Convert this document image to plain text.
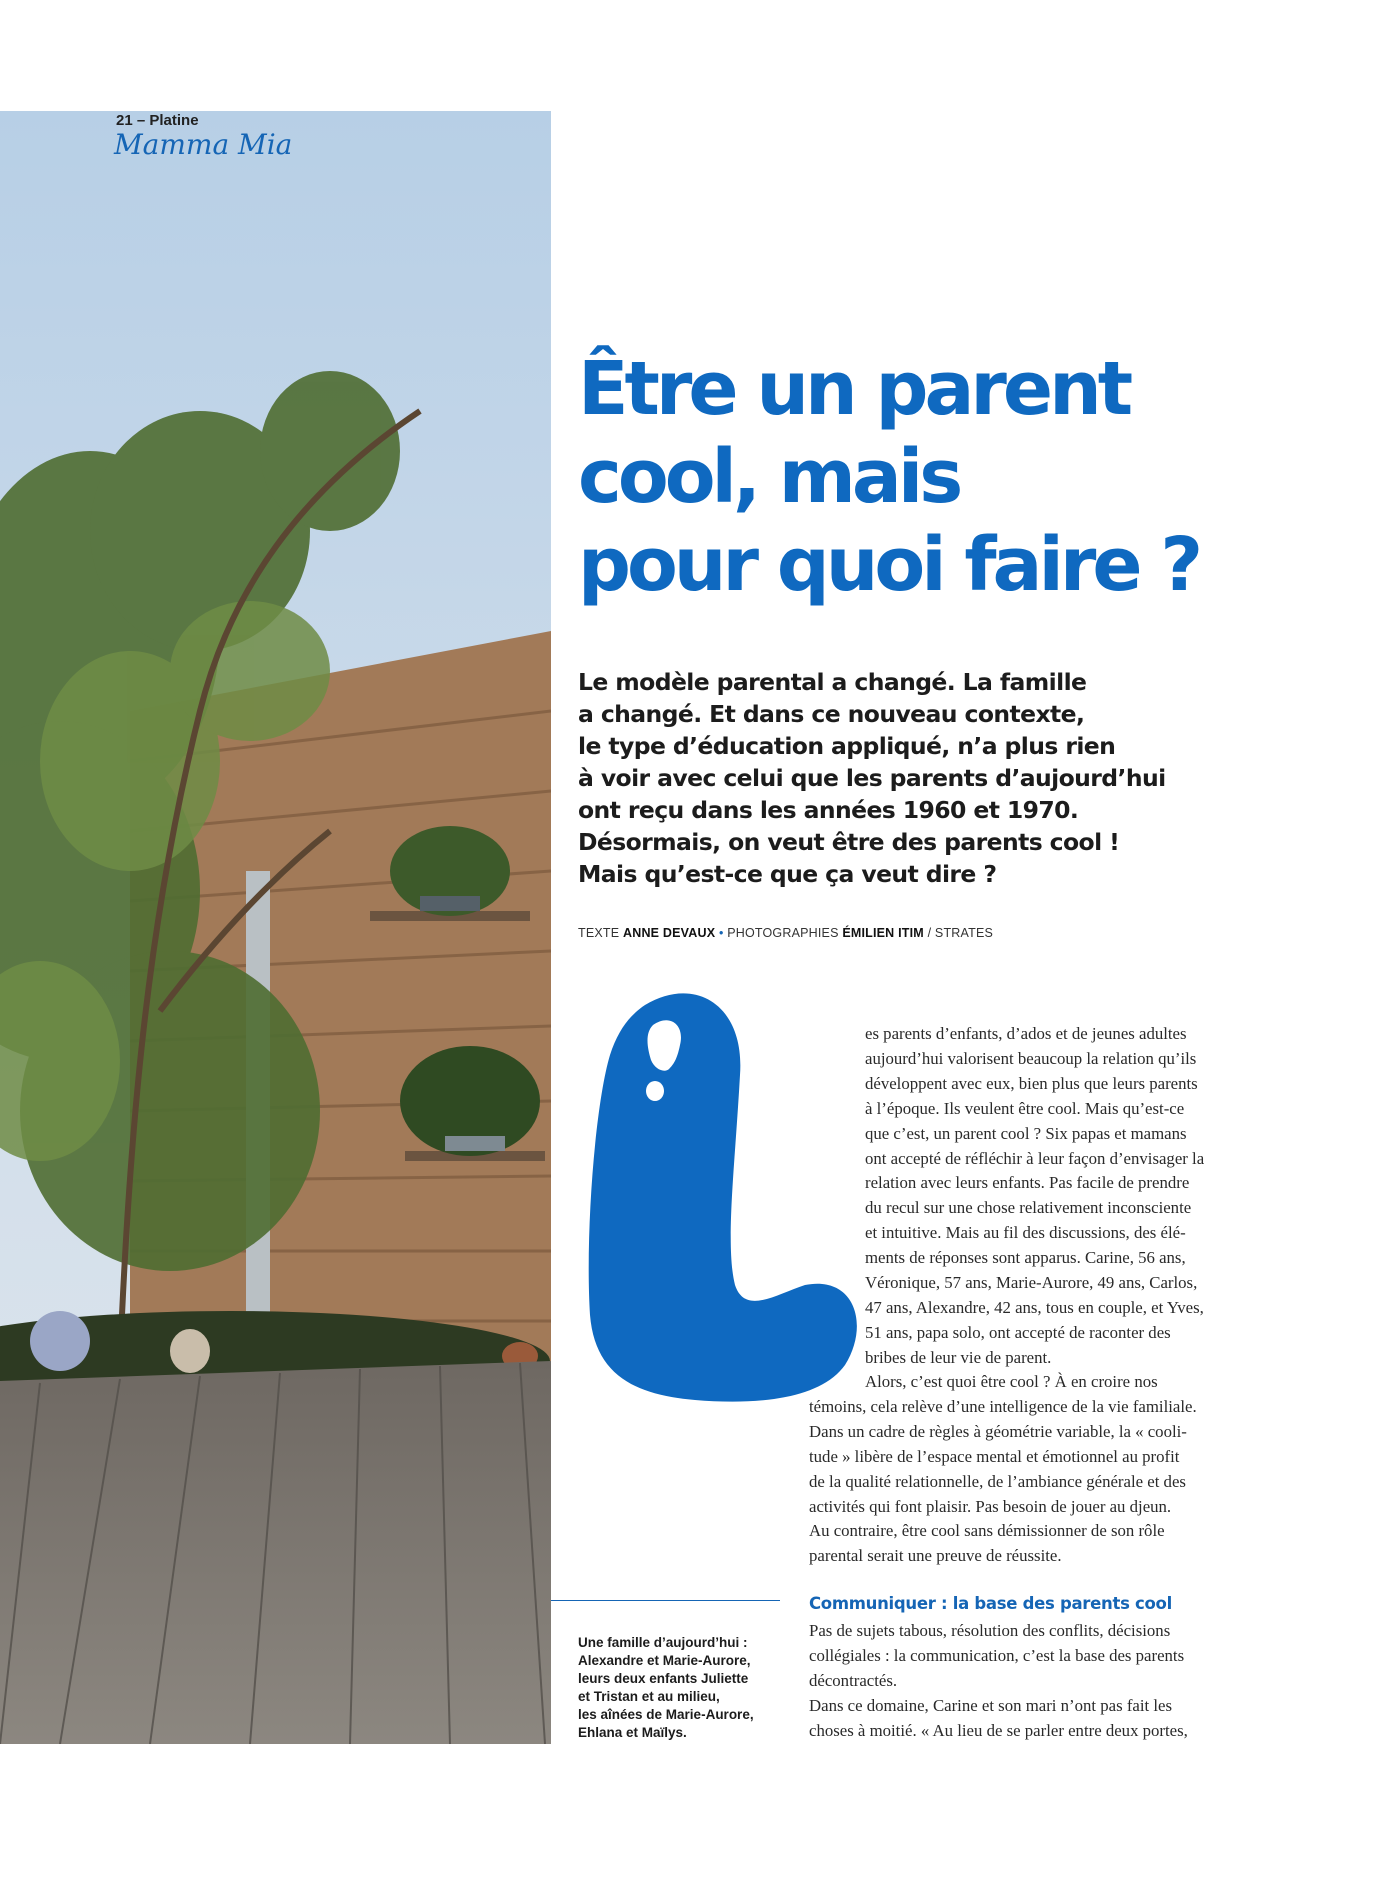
21 – Platine
Mamma Mia
Être un parent
cool, mais
pour quoi faire ?
Le modèle parental a changé. La famille
a changé. Et dans ce nouveau contexte,
le type d’éducation appliqué, n’a plus rien
à voir avec celui que les parents d’aujourd’hui
ont reçu dans les années 1960 et 1970.
Désormais, on veut être des parents cool !
Mais qu’est-ce que ça veut dire ?
TEXTE ANNE DEVAUX • PHOTOGRAPHIES ÉMILIEN ITIM / STRATES
es parents d’enfants, d’ados et de jeunes adultes
aujourd’hui valorisent beaucoup la relation qu’ils
développent avec eux, bien plus que leurs parents
à l’époque. Ils veulent être cool. Mais qu’est-ce
que c’est, un parent cool ? Six papas et mamans
ont accepté de réfléchir à leur façon d’envisager la
relation avec leurs enfants. Pas facile de prendre
du recul sur une chose relativement inconsciente
et intuitive. Mais au fil des discussions, des élé-
ments de réponses sont apparus. Carine, 56 ans,
Véronique, 57 ans, Marie-Aurore, 49 ans, Carlos,
47 ans, Alexandre, 42 ans, tous en couple, et Yves,
51 ans, papa solo, ont accepté de raconter des
bribes de leur vie de parent.
Alors, c’est quoi être cool ? À en croire nos
témoins, cela relève d’une intelligence de la vie familiale.
Dans un cadre de règles à géométrie variable, la « cooli-
tude » libère de l’espace mental et émotionnel au profit
de la qualité relationnelle, de l’ambiance générale et des
activités qui font plaisir. Pas besoin de jouer au djeun.
Au contraire, être cool sans démissionner de son rôle
parental serait une preuve de réussite.
Communiquer : la base des parents cool
Pas de sujets tabous, résolution des conflits, décisions
collégiales : la communication, c’est la base des parents
décontractés.
Dans ce domaine, Carine et son mari n’ont pas fait les
choses à moitié. « Au lieu de se parler entre deux portes,
Une famille d’aujourd’hui :
Alexandre et Marie-Aurore,
leurs deux enfants Juliette
et Tristan et au milieu,
les aînées de Marie-Aurore,
Ehlana et Maïlys.
